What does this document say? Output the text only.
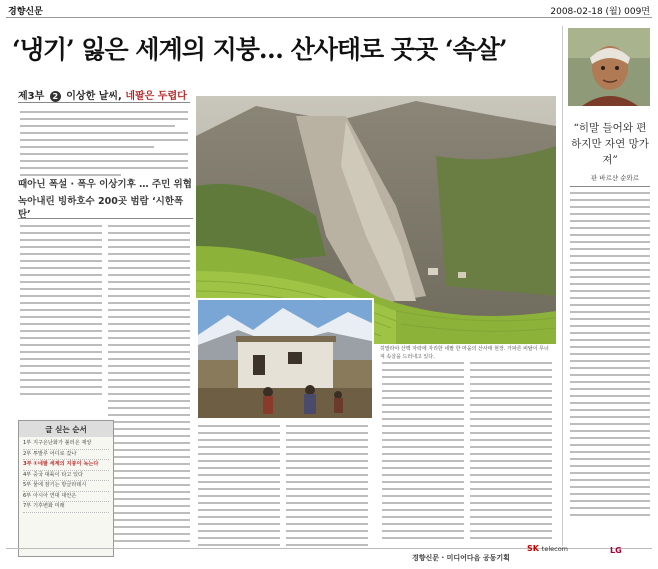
경향신문	2008-02-18 (월) 009면
‘냉기’ 잃은 세계의 지붕… 산사태로 곳곳 ‘속살’
제3부 2 이상한 날씨, 네팔은 두렵다
때아닌 폭설 · 폭우 이상기후 … 주민 위협
녹아내린 빙하호수 200곳 범람 ‘시한폭탄’
히말라야 산맥 자락에 자리한 네팔 한 마을의 산사태 현장. 가파른 비탈이 무너져 속살을 드러내고 있다.
“히말 들어와 편하지만 자연 망가져”
판 바르샨 순와르
글 싣는 순서
1부 지구온난화가 불러온 재앙
2부 투발루 어디로 갔나
3부 ①네팔 세계의 지붕이 녹는다
4부 중국 대륙이 타고 있다
5부 물에 잠기는 방글라데시
6부 아시아 연대 대안은
7부 기후변화 미래
경향신문 · 미디어다음 공동기획
SK telecom	LG
